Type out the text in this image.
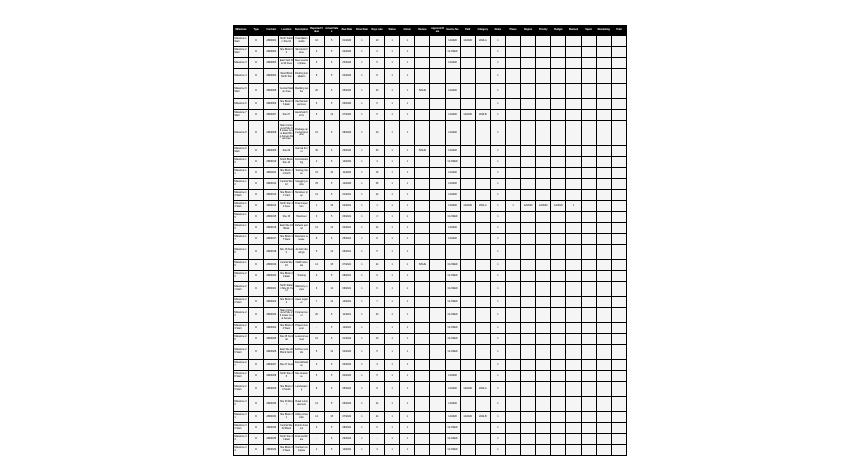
Milestone	Type	Contract	Location	Description	Reported Value	Actual Value	Due Date	Done Date	Days Late	Status	Owner	Review	Approval Date	Invoice No.	Paid	Category	Notes	Phase	Region	Priority	Budget	Revised	Spent	Remaining	Total
Milestone 1 Start	D	AB00001	North Station Site 01	Foundation works	10	5	01/2020	1	10	1	1			12/2020	12/2020	2020-A	1								
Milestone 2 Start	D	AB00002	Site Block 02	Structural frame	2	5	02/2020	1	2	1	1			CLOSED			1								
Milestone 3	D	AB00003	East Yard Site 03 Area	Steel erection phase	5	5	03/2020	1	5	1	1			12/2020			1								
Milestone 4	D	AB00004	West Block North Site	Roofing installation	8	5	04/2020	1	8	1	1						1								
Milestone 5 Start	D	AB00005	Central Station Area	Cladding works	20	5	05/2020	1	20	1	1	ISSUE		12/2020			1								
Milestone 6	D	AB00006	Site Block 06 East	Mechanical services	6	5	06/2020	1	6	1	1						1								
Milestone 7 Start	D	AB00007	Site 07	Electrical first fix	5	12	07/2020	1	5	1	1			12/2020	12/2020	2020-B	1								
Milestone 8	D	AB00008	Main Compound Site 08 Lower Level East Wing Access Road Area	Drainage and external works	10	5	08/2020	1	10	1	1			12/2020			1								
Milestone 9 Start	D	AB00009	Site 09	Internal fit out	30	5	09/2020	1	30	1	1	ISSUE		12/2020			1								
Milestone 10	D	AB00010	South Block Site 10	Commissioning	4	5	10/2020	1	4	1	1			CLOSED			1								
Milestone 11	D	AB00011	Site Block 11 North	Testing phase	15	10	11/2020	1	15	1	1			12/2020			1								
Milestone 12	D	AB00012	Central Site 12	Snagging works	25	5	12/2020	1	25	1	1			12/2020			1								
Milestone 13 Start	D	AB00013	Site Block 13 Yard	Handover prep	12	5	01/2021	1	12	1	1			12/2020			1								
Milestone 14 Start	D	AB00014	North Site 14 Area	Final inspection	1	15	02/2021	1	1	1	1			12/2020	12/2020	2021-A	1	1	12/2020	12/2020	12/2020	1			
Milestone 15	D	AB00015	Site 15	Handover	3	5	03/2021	1	3	1	1			CLOSED			1								
Milestone 16	D	AB00016	East Site 16 Block	Defects period	12	12	04/2021	1	12	1	1			12/2020			1								
Milestone 17	D	AB00017	Site Block 17 West	Retention release	8	5	05/2021	1	8	1	1			12/2020			1								
Milestone 18	D	AB00018	Site 18 South	As-built drawings	5	12	06/2021	1	5	1	1						1								
Milestone 19	D	AB00019	Central Site 19	O&M manuals	14	15	07/2021	1	14	1	1	ISSUE		CLOSED			1								
Milestone 20	D	AB00020	Site Block 20 East	Training	9	5	08/2021	1	9	1	1			CLOSED			1								
Milestone 21 Start	D	AB00021	North Station Site 21 Yard	Warranty review	6	12	09/2021	1	6	1	1			CLOSED			1								
Milestone 22 Start	D	AB00022	Site Block 22	Asset register	7	12	10/2021	1	7	1	1			CLOSED			1								
Milestone 23	D	AB00023	Main Compound Site 23 Lower Level Access	Final account	20	5	11/2021	1	20	1	1			CLOSED			1								
Milestone 24 Start	D	AB00024	Site Block 24 West	Project closeout	-	5	12/2021	1	-	1	1			CLOSED			1								
Milestone 25	D	AB00025	Site 25 Central	Lessons learned	10	5	01/2022	1	10	1	1			CLOSED			1								
Milestone 26 Start	D	AB00026	East Site 26 Block North	Archive records	5	12	02/2022	1	5	1	1			CLOSED			1								
Milestone 27	D	AB00027	Site 27 Area	Demobilisation	3	5	03/2022	1	3	1	1						1								
Milestone 28 Start	D	AB00028	North Site 28	Site clearance	5	5	04/2022	1	5	1	1			12/2020			1								
Milestone 29 Start	D	AB00029	Site Block 29 South	Landscaping	8	5	05/2022	1	8	1	1			12/2020	12/2020	2022-A	1								
Milestone 30	D	AB00030	Site 30 West	Road reinstatement	12	5	06/2022	1	12	1	1			12/2020			1								
Milestone 31	D	AB00031	Site Block 31	Utility connection	14	15	07/2022	1	14	1	1			12/2020	12/2020	2022-B	1								
Milestone 32 Start	D	AB00032	Central Site 32 Block	Permit closeout	6	5	08/2022	1	6	1	1			CLOSED			1								
Milestone 33	D	AB00033	North Site 33 East	Final certificate	-	5	09/2022	1	-	1	1			CLOSED			1								
Milestone 34	D	AB00034	Site Block 34 West	Contract complete	4	5	10/2022	1	4	1	1			CLOSED			1								
